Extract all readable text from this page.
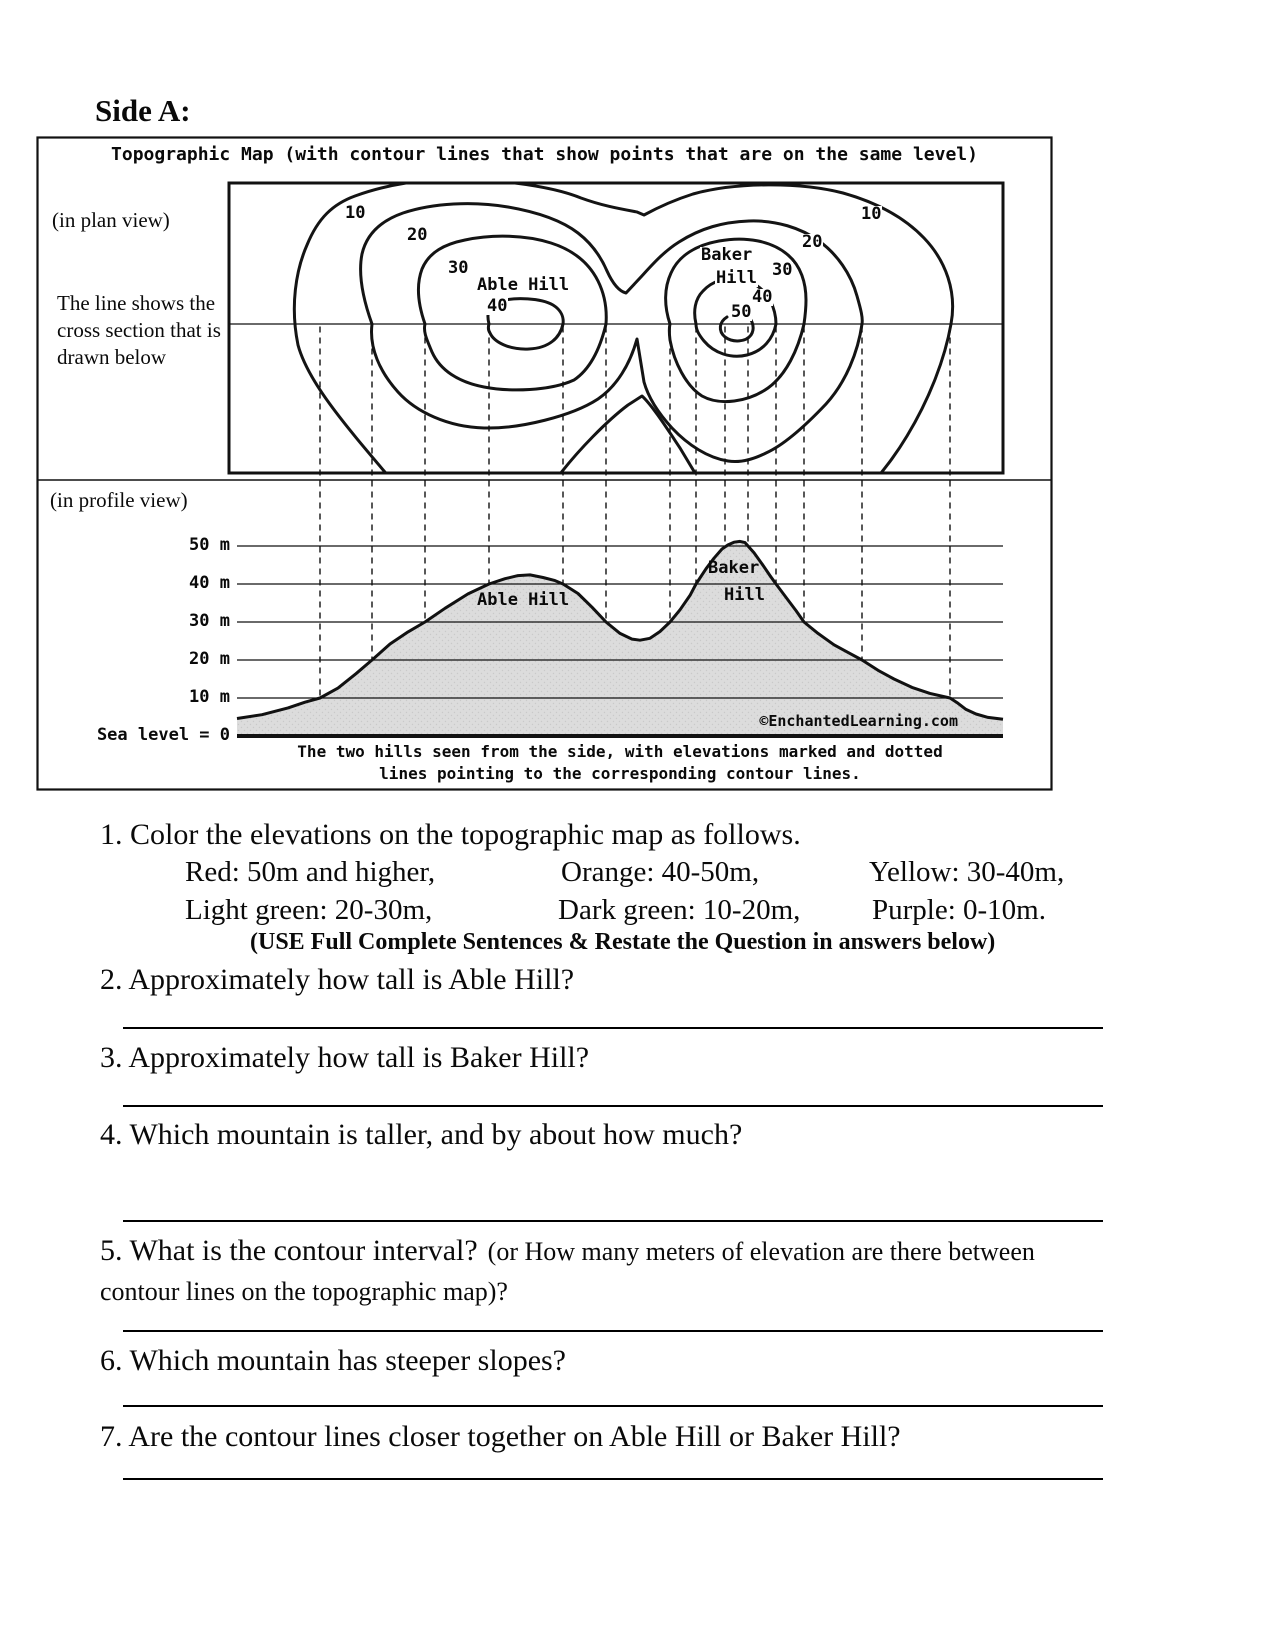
Side A:
Topographic Map (with contour lines that show points that are on the same level)
(in plan view)
The line shows the cross section that is drawn below
(in profile view)
©EnchantedLearning.com
The two hills seen from the side, with elevations marked and dotted
lines pointing to the corresponding contour lines.
10
20
30
Able Hill
40
Baker
Hill 30
40
50
20
10
Able Hill
Baker
Hill
50 m
40 m
30 m
20 m
10 m
Sea level = 0
1. Color the elevations on the topographic map as follows.
Red: 50m and higher,	Orange: 40-50m,	Yellow: 30-40m,
Light green: 20-30m,	Dark green: 10-20m, Purple: 0-10m.
(USE Full Complete Sentences & Restate the Question in answers below)
2. Approximately how tall is Able Hill?
3. Approximately how tall is Baker Hill?
4. Which mountain is taller, and by about how much?
5. What is the contour interval? (or How many meters of elevation are there between
contour lines on the topographic map)?
6. Which mountain has steeper slopes?
7. Are the contour lines closer together on Able Hill or Baker Hill?
